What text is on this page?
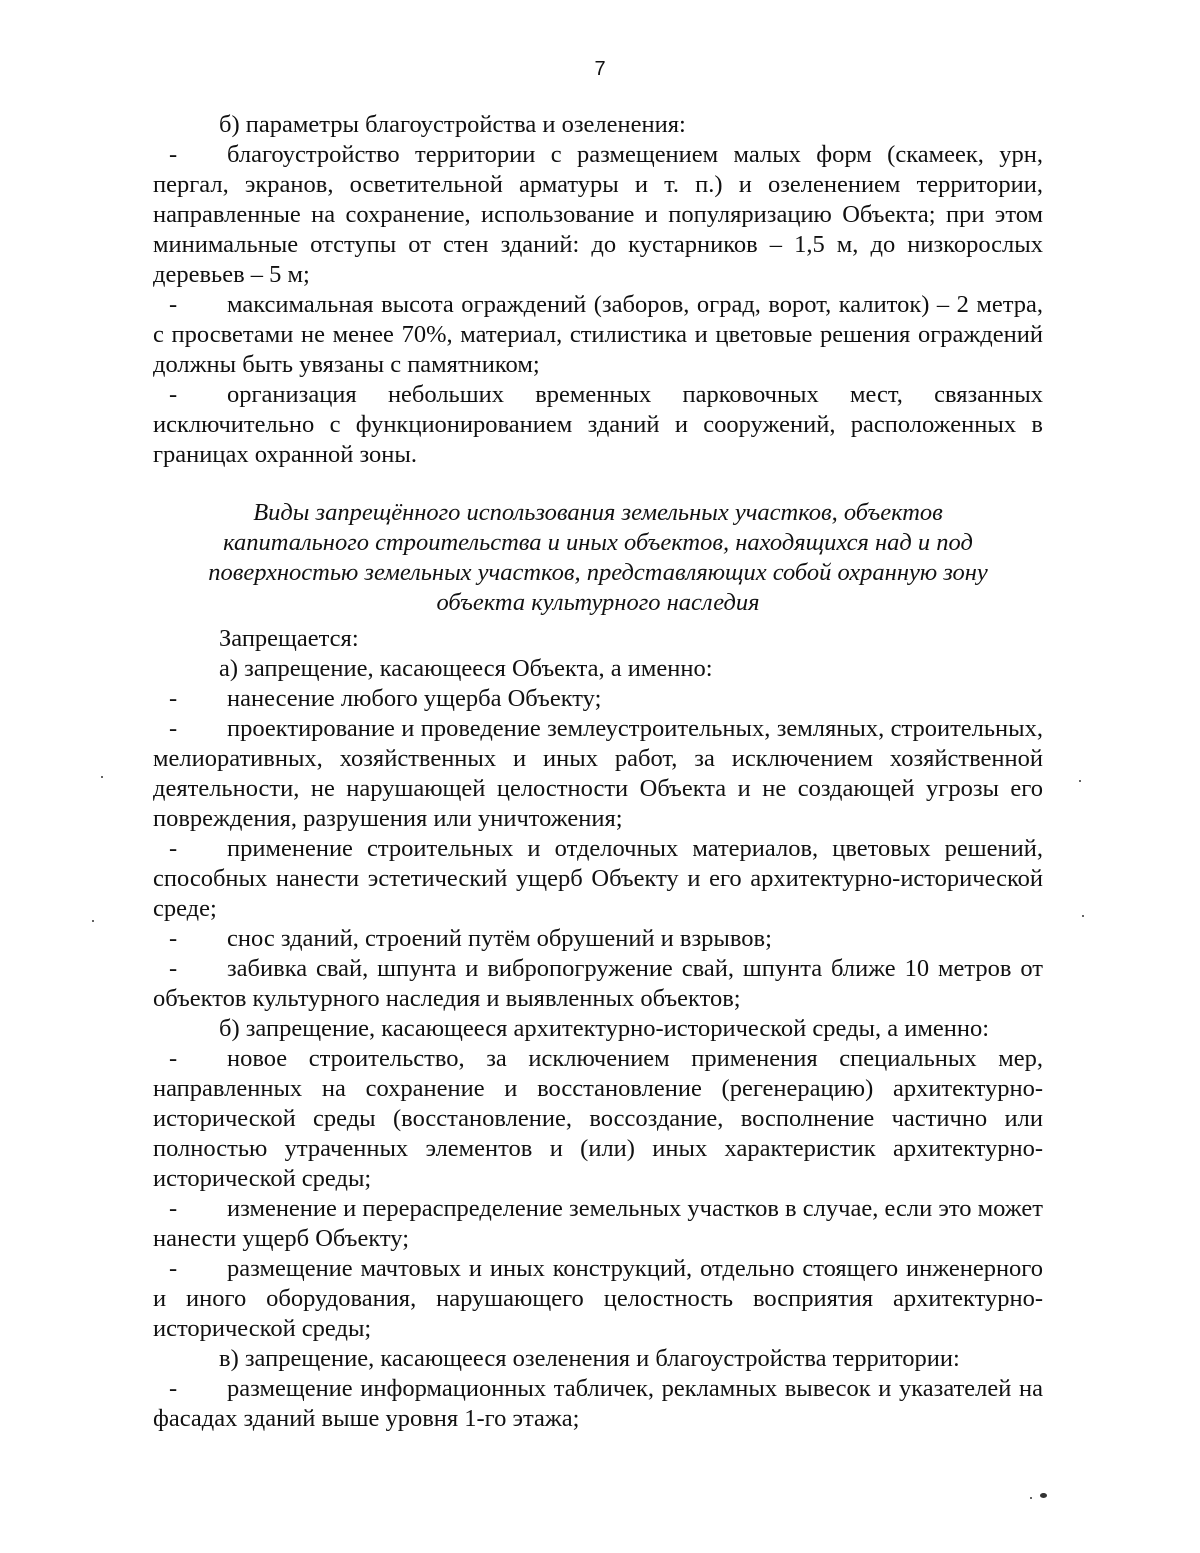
7

б) параметры благоустройства и озеленения:

- благоустройство территории с размещением малых форм (скамеек, урн, пергал, экранов, осветительной арматуры и т. п.) и озеленением территории, направленные на сохранение, использование и популяризацию Объекта; при этом минимальные отступы от стен зданий: до кустарников – 1,5 м, до низкорослых деревьев – 5 м;

- максимальная высота ограждений (заборов, оград, ворот, калиток) – 2 метра, с просветами не менее 70%, материал, стилистика и цветовые решения ограждений должны быть увязаны с памятником;

- организация небольших временных парковочных мест, связанных исключительно с функционированием зданий и сооружений, расположенных в границах охранной зоны.

Виды запрещённого использования земельных участков, объектов
капитального строительства и иных объектов, находящихся над и под
поверхностью земельных участков, представляющих собой охранную зону
объекта культурного наследия

Запрещается:

а) запрещение, касающееся Объекта, а именно:

- нанесение любого ущерба Объекту;

- проектирование и проведение землеустроительных, земляных, строительных, мелиоративных, хозяйственных и иных работ, за исключением хозяйственной деятельности, не нарушающей целостности Объекта и не создающей угрозы его повреждения, разрушения или уничтожения;

- применение строительных и отделочных материалов, цветовых решений, способных нанести эстетический ущерб Объекту и его архитектурно-исторической среде;

- снос зданий, строений путём обрушений и взрывов;

- забивка свай, шпунта и вибропогружение свай, шпунта ближе 10 метров от объектов культурного наследия и выявленных объектов;

б) запрещение, касающееся архитектурно-исторической среды, а именно:

- новое строительство, за исключением применения специальных мер, направленных на сохранение и восстановление (регенерацию) архитектурно-исторической среды (восстановление, воссоздание, восполнение частично или полностью утраченных элементов и (или) иных характеристик архитектурно-исторической среды;

- изменение и перераспределение земельных участков в случае, если это может нанести ущерб Объекту;

- размещение мачтовых и иных конструкций, отдельно стоящего инженерного и иного оборудования, нарушающего целостность восприятия архитектурно-исторической среды;

в) запрещение, касающееся озеленения и благоустройства территории:

- размещение информационных табличек, рекламных вывесок и указателей на фасадах зданий выше уровня 1-го этажа;
